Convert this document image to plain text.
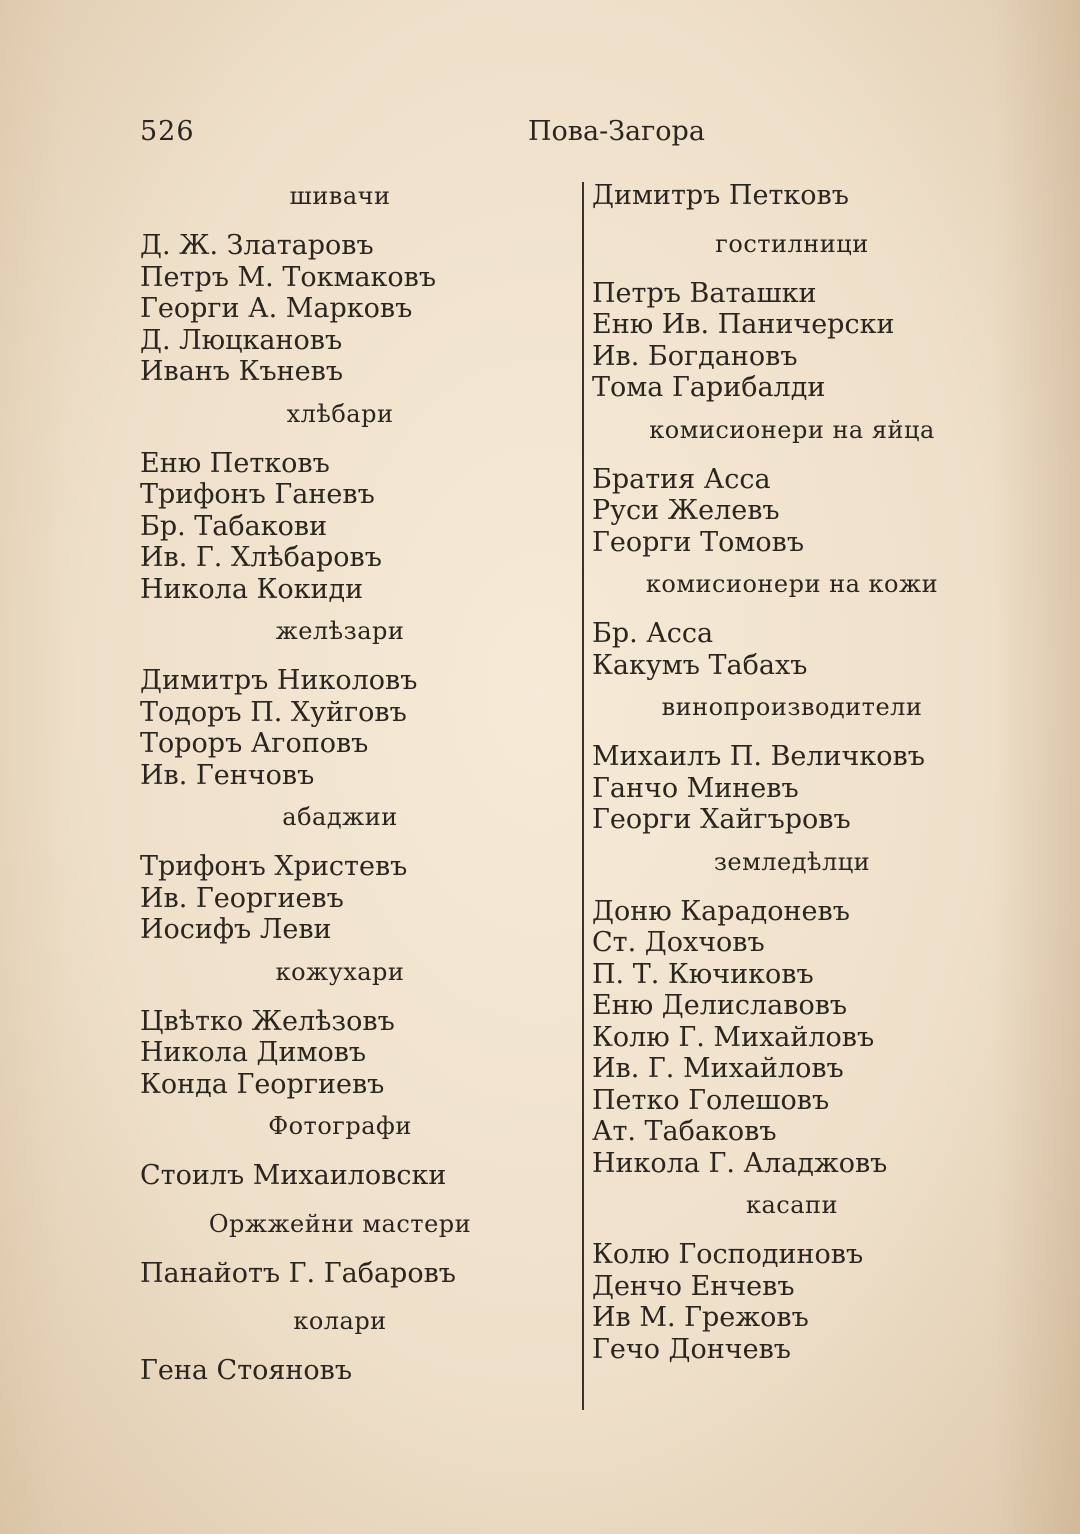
526	Пова-Загора
шивачи
Д. Ж. Златаровъ
Петръ М. Токмаковъ
Георги А. Марковъ
Д. Люцкановъ
Иванъ Къневъ
хлѣбари
Еню Петковъ
Трифонъ Ганевъ
Бр. Табакови
Ив. Г. Хлѣбаровъ
Никола Кокиди
желѣзари
Димитръ Николовъ
Тодоръ П. Хуйговъ
Тороръ Агоповъ
Ив. Генчовъ
абаджии
Трифонъ Христевъ
Ив. Георгиевъ
Иосифъ Леви
кожухари
Цвѣтко Желѣзовъ
Никола Димовъ
Конда Георгиевъ
Фотографи
Стоилъ Михаиловски
Оржжейни мастери
Панайотъ Г. Габаровъ
колари
Гена Стояновъ
Димитръ Петковъ
гостилници
Петръ Ваташки
Еню Ив. Паничерски
Ив. Богдановъ
Тома Гарибалди
комисионери на яйца
Братия Асса
Руси Желевъ
Георги Томовъ
комисионери на кожи
Бр. Асса
Какумъ Табахъ
винопроизводители
Михаилъ П. Величковъ
Ганчо Миневъ
Георги Хайгъровъ
земледѣлци
Доню Карадоневъ
Ст. Дохчовъ
П. Т. Кючиковъ
Еню Делиславовъ
Колю Г. Михайловъ
Ив. Г. Михайловъ
Петко Голешовъ
Ат. Табаковъ
Никола Г. Аладжовъ
касапи
Колю Господиновъ
Денчо Енчевъ
Ив М. Грежовъ
Гечо Дончевъ
